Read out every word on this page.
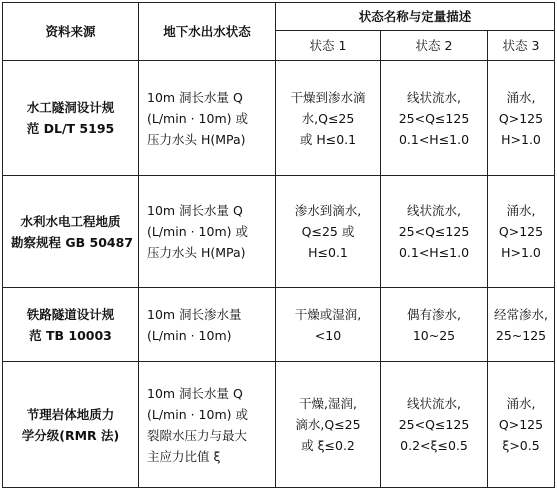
资料来源	地下水出水状态	状态名称与定量描述		
		状态 1	状态 2	状态 3

水工隧洞设计规
范 DL/T 5195	10m 洞长水量 Q
(L/min · 10m) 或
压力水头 H(MPa)	干燥到渗水滴
水,Q≤25
或 H≤0.1	线状流水,
25<Q≤125
0.1<H≤1.0	涌水,
Q>125
H>1.0

水利水电工程地质
勘察规程 GB 50487	10m 洞长水量 Q
(L/min · 10m) 或
压力水头 H(MPa)	渗水到滴水,
Q≤25 或
H≤0.1	线状流水,
25<Q≤125
0.1<H≤1.0	涌水,
Q>125
H>1.0

铁路隧道设计规
范 TB 10003	10m 洞长渗水量
(L/min · 10m)	干燥或湿润,
<10	偶有渗水,
10~25	经常渗水,
25~125

节理岩体地质力
学分级(RMR 法)	10m 洞长水量 Q
(L/min · 10m) 或
裂隙水压力与最大
主应力比值 ξ	干燥,湿润,
滴水,Q≤25
或 ξ≤0.2	线状流水,
25<Q≤125
0.2<ξ≤0.5	涌水,
Q>125
ξ>0.5
